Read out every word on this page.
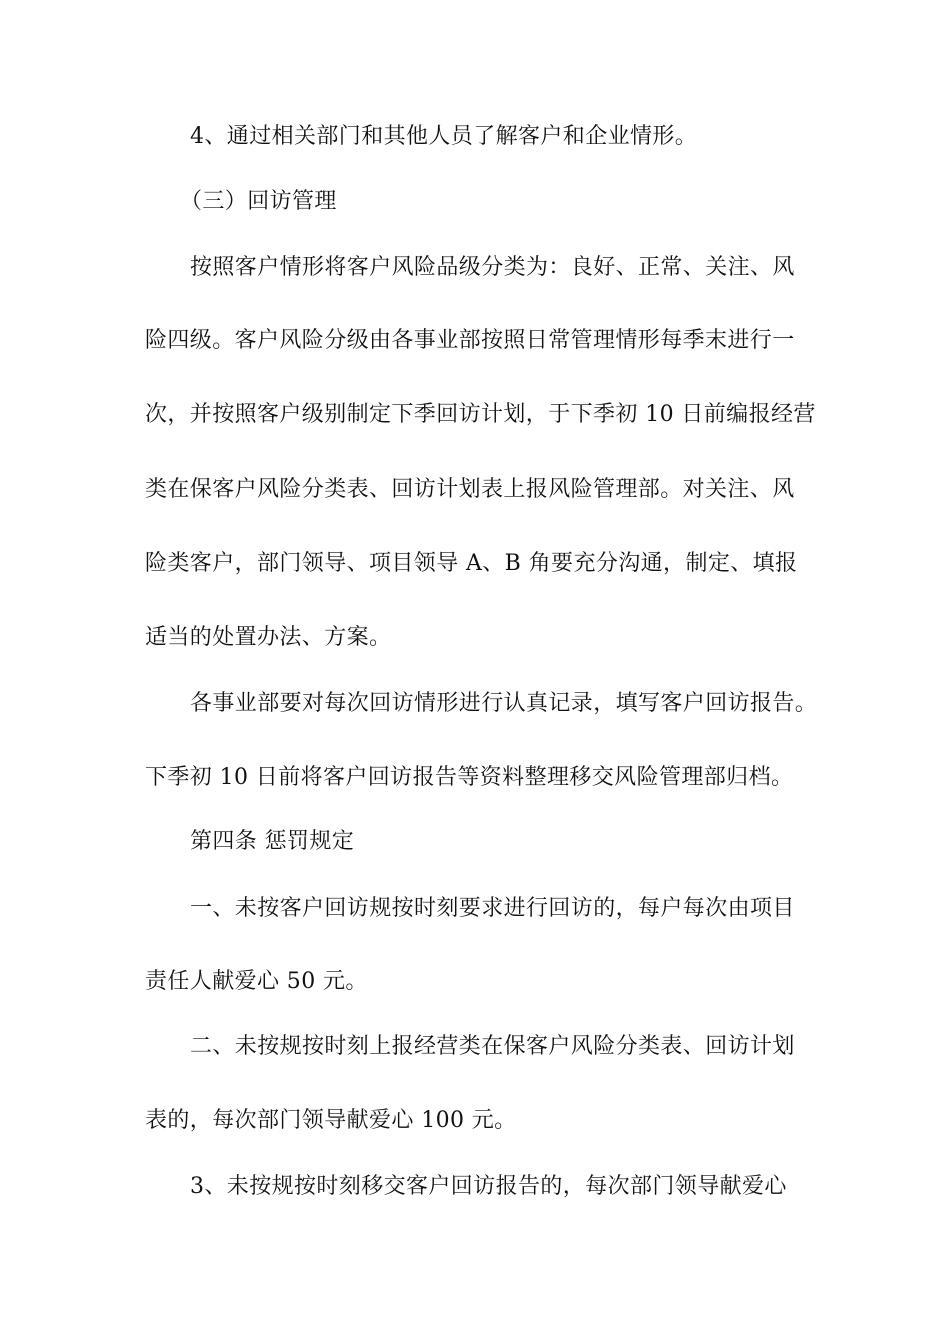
4、通过相关部门和其他人员了解客户和企业情形。
（三）回访管理
按照客户情形将客户风险品级分类为：良好、正常、关注、风
险四级。客户风险分级由各事业部按照日常管理情形每季末进行一
次，并按照客户级别制定下季回访计划，于下季初 10 日前编报经营
类在保客户风险分类表、回访计划表上报风险管理部。对关注、风
险类客户，部门领导、项目领导 A、B 角要充分沟通，制定、填报
适当的处置办法、方案。
各事业部要对每次回访情形进行认真记录，填写客户回访报告。
下季初 10 日前将客户回访报告等资料整理移交风险管理部归档。
第四条 惩罚规定
一、未按客户回访规按时刻要求进行回访的，每户每次由项目
责任人献爱心 50 元。
二、未按规按时刻上报经营类在保客户风险分类表、回访计划
表的，每次部门领导献爱心 100 元。
3、未按规按时刻移交客户回访报告的，每次部门领导献爱心
